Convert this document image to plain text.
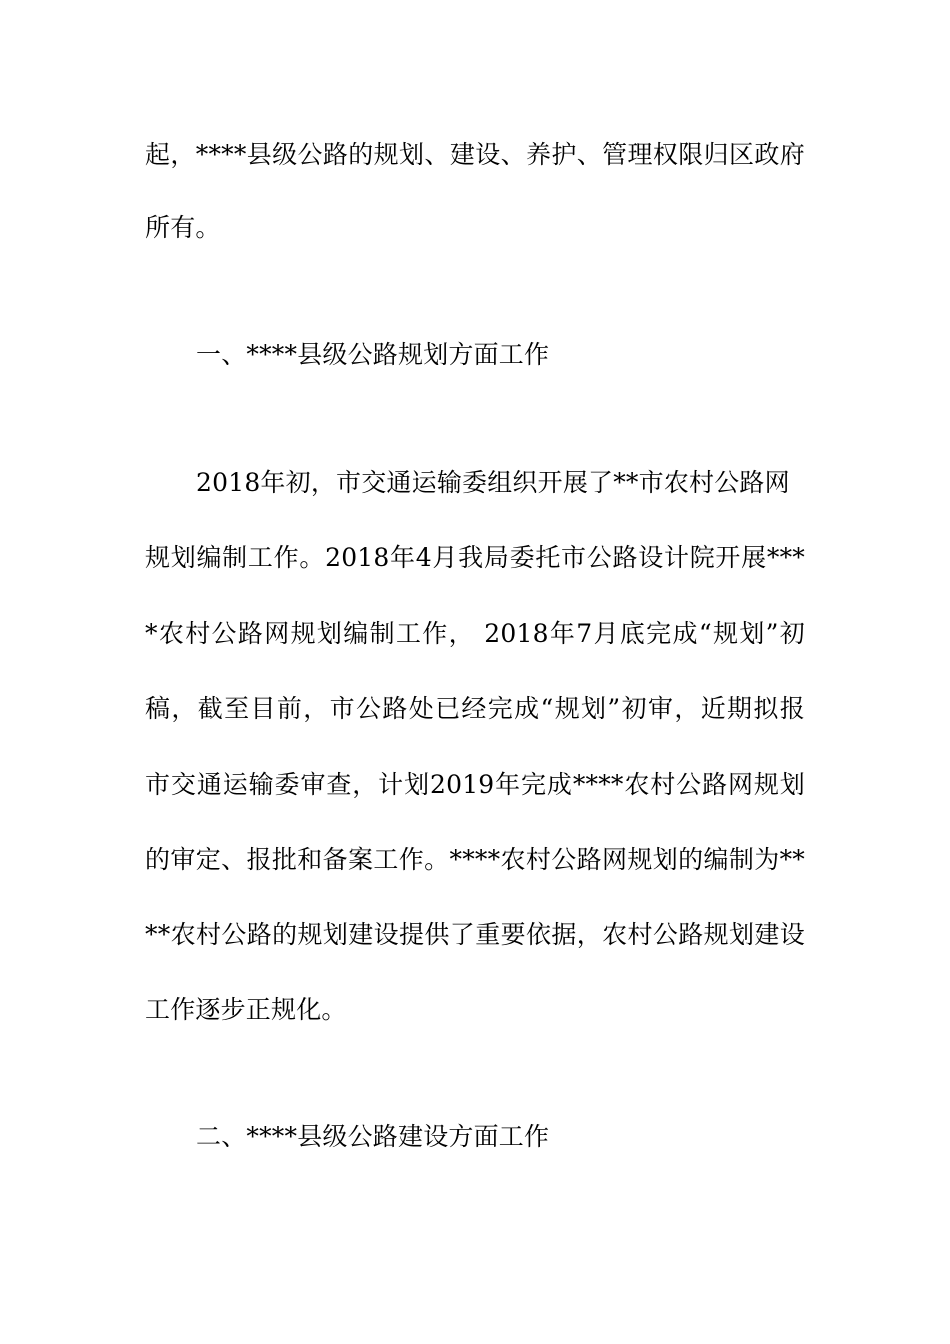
起，****县级公路的规划、建设、养护、管理权限归区政府
所有。
一、****县级公路规划方面工作
2018年初，市交通运输委组织开展了**市农村公路网
规划编制工作。2018年4月我局委托市公路设计院开展***
*农村公路网规划编制工作， 2018年7月底完成“规划”初
稿，截至目前，市公路处已经完成“规划”初审，近期拟报
市交通运输委审查，计划2019年完成****农村公路网规划
的审定、报批和备案工作。****农村公路网规划的编制为**
**农村公路的规划建设提供了重要依据，农村公路规划建设
工作逐步正规化。
二、****县级公路建设方面工作
